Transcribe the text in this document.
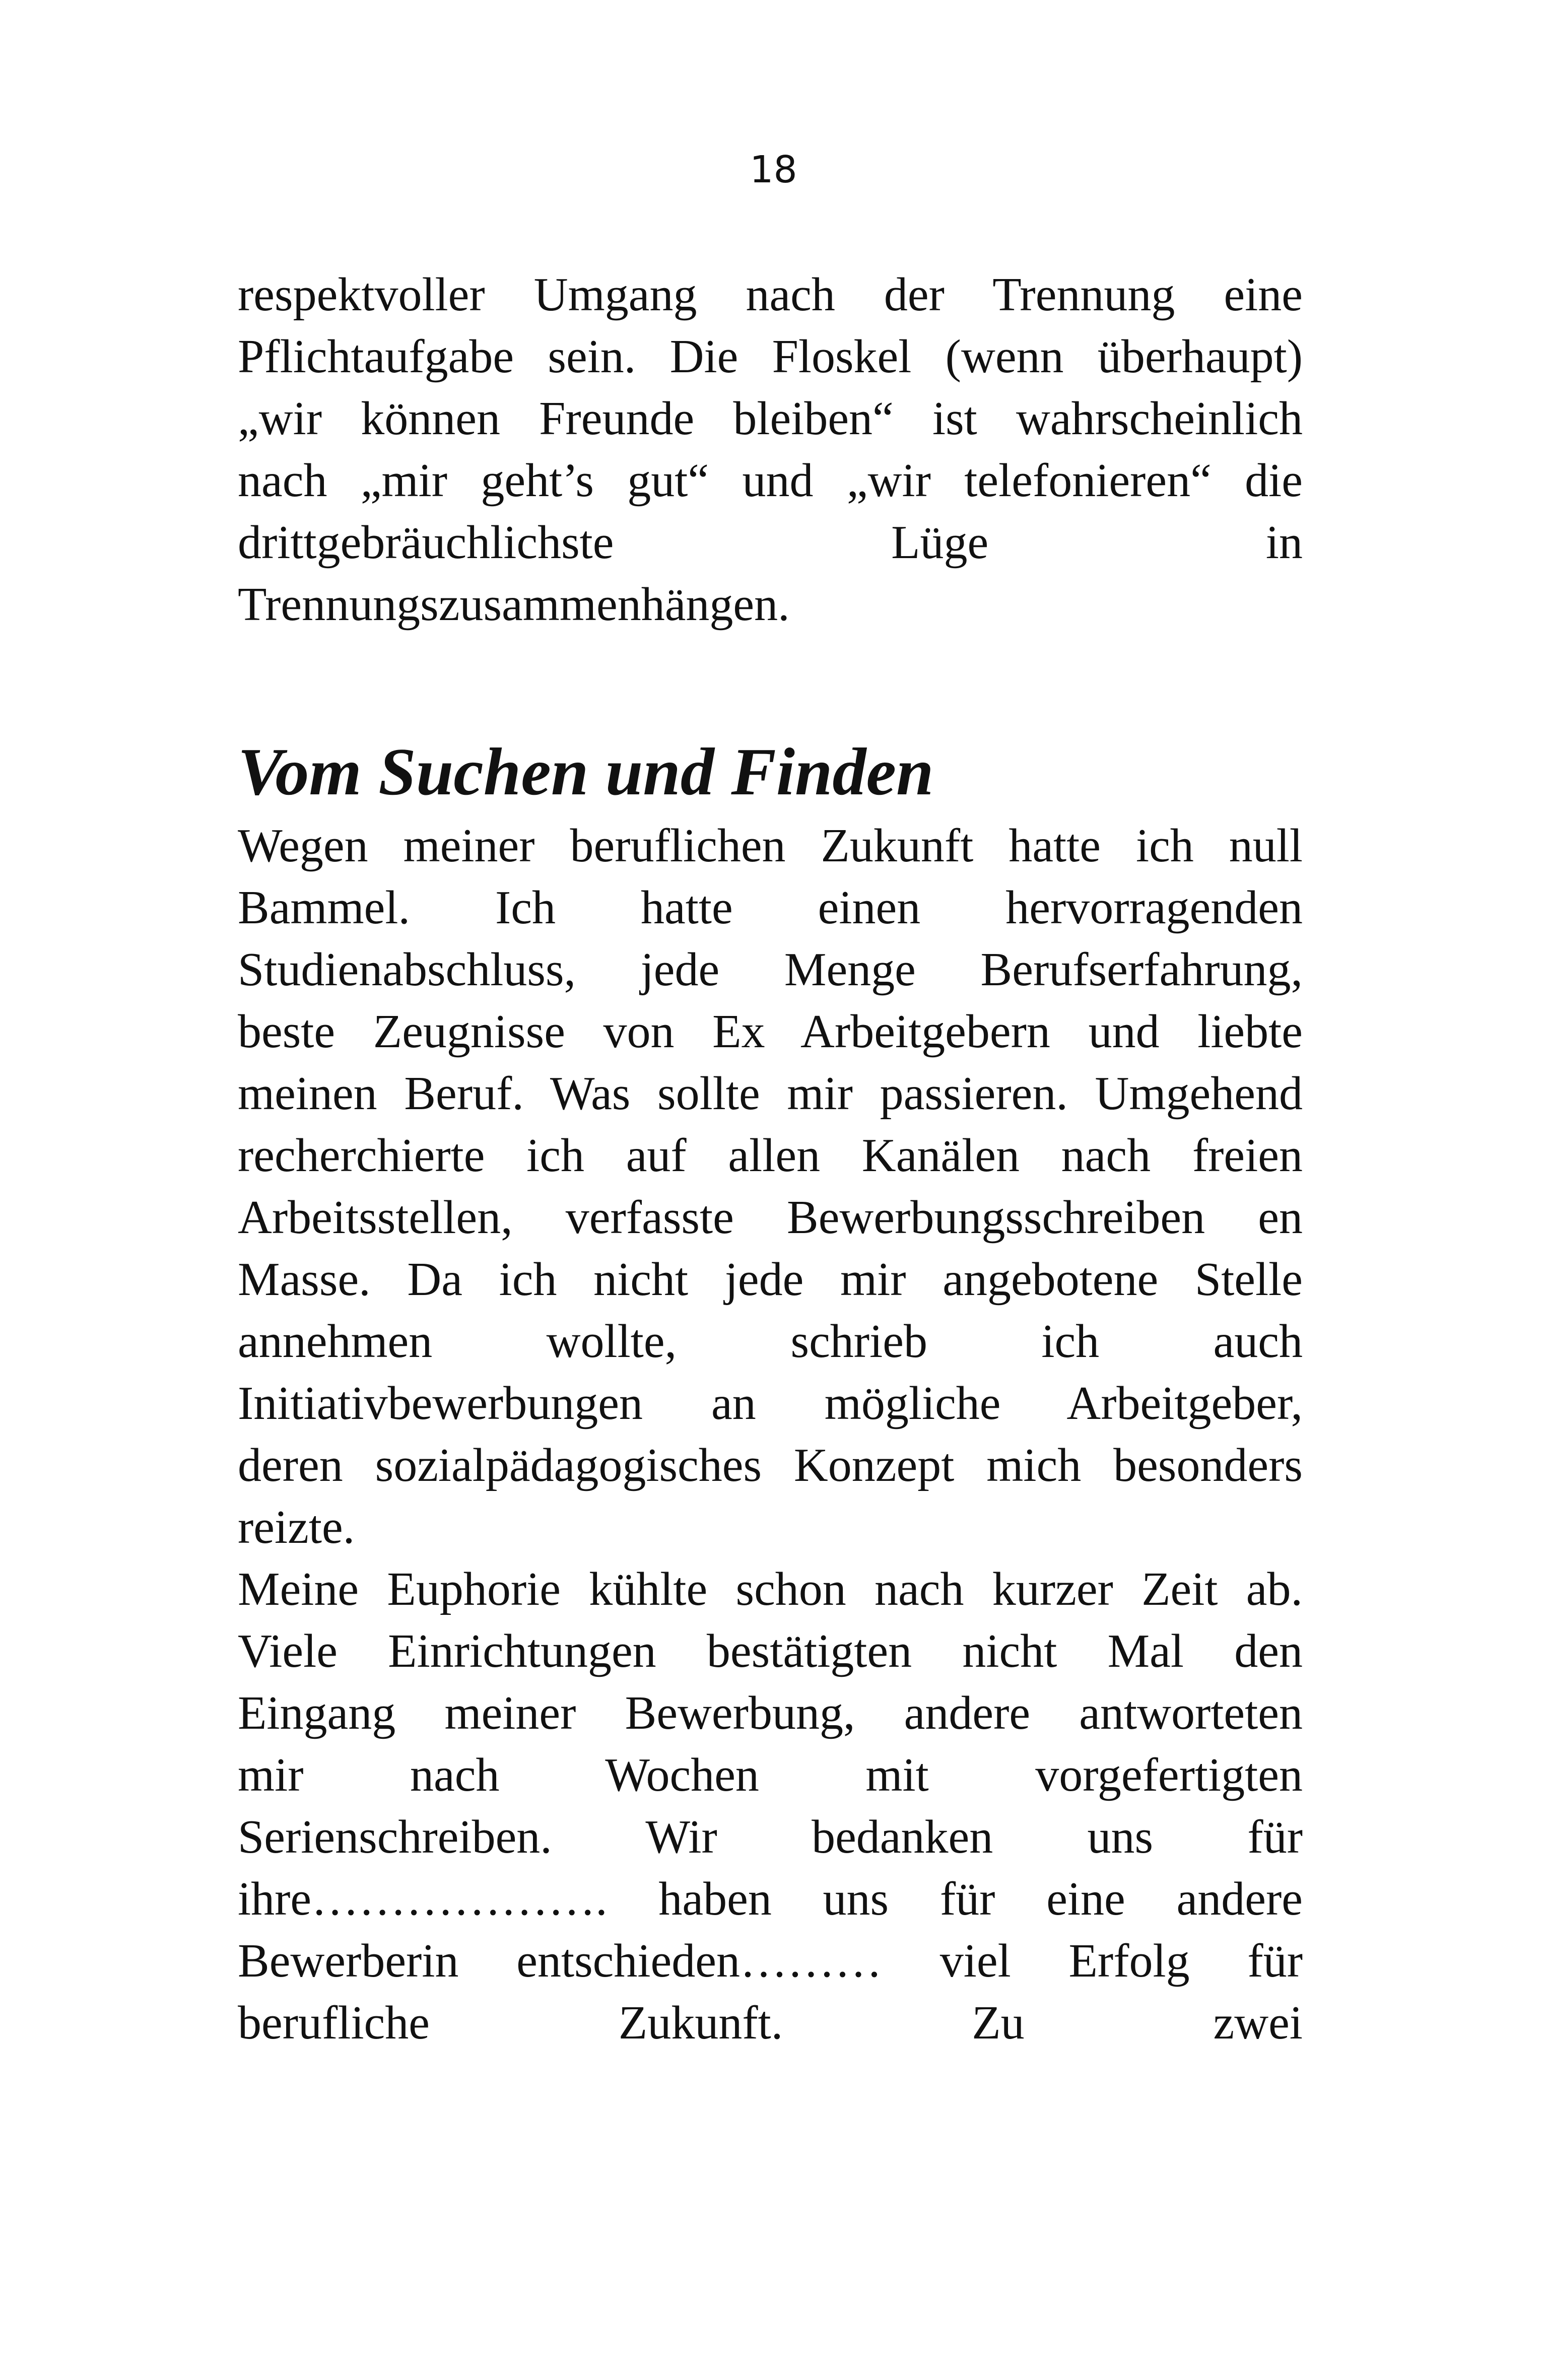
18

respektvoller Umgang nach der Trennung eine
Pflichtaufgabe sein. Die Floskel (wenn überhaupt)
„wir können Freunde bleiben“ ist wahrscheinlich
nach „mir geht’s gut“ und „wir telefonieren“ die
drittgebräuchlichste Lüge in
Trennungszusammenhängen.

Vom Suchen und Finden

Wegen meiner beruflichen Zukunft hatte ich null
Bammel. Ich hatte einen hervorragenden
Studienabschluss, jede Menge Berufserfahrung,
beste Zeugnisse von Ex Arbeitgebern und liebte
meinen Beruf. Was sollte mir passieren. Umgehend
recherchierte ich auf allen Kanälen nach freien
Arbeitsstellen, verfasste Bewerbungsschreiben en
Masse. Da ich nicht jede mir angebotene Stelle
annehmen wollte, schrieb ich auch
Initiativbewerbungen an mögliche Arbeitgeber,
deren sozialpädagogisches Konzept mich besonders
reizte.

Meine Euphorie kühlte schon nach kurzer Zeit ab.
Viele Einrichtungen bestätigten nicht Mal den
Eingang meiner Bewerbung, andere antworteten
mir nach Wochen mit vorgefertigten
Serienschreiben. Wir bedanken uns für
ihre………………. haben uns für eine andere
Bewerberin entschieden……… viel Erfolg für
berufliche Zukunft. Zu zwei
